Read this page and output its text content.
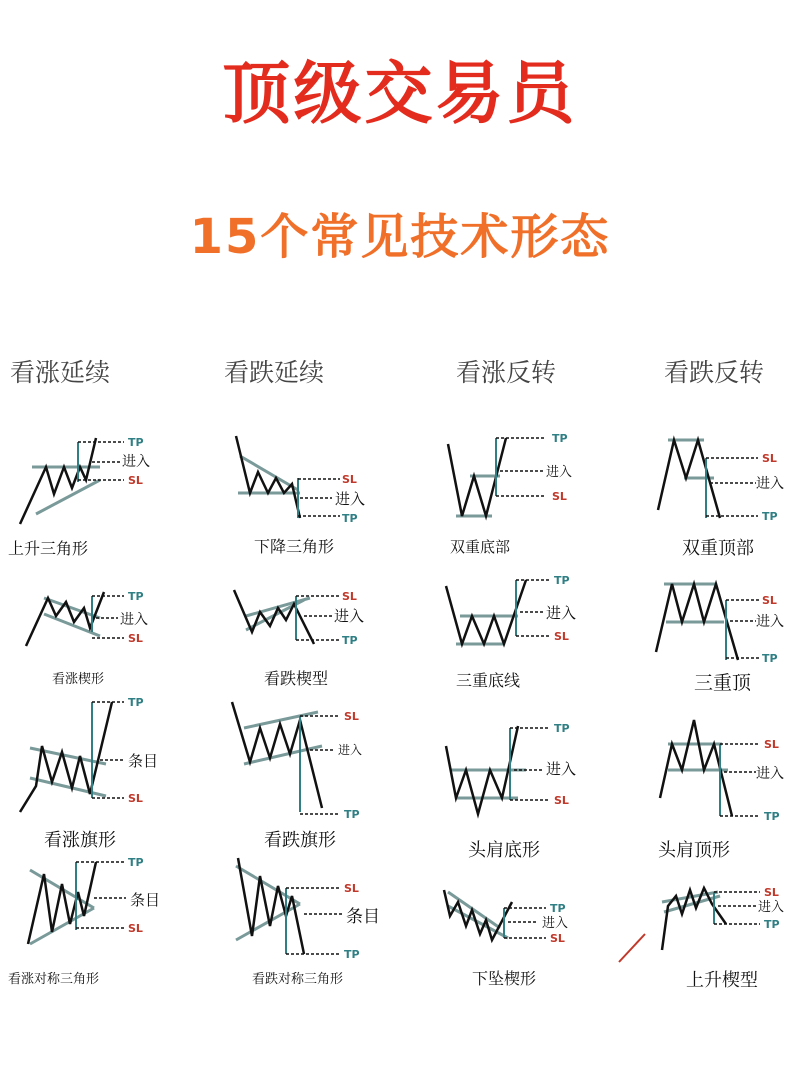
顶级交易员
15个常见技术形态
看涨延续	看跌延续	看涨反转	看跌反转
TP
进入
SL
上升三角形
SL
进入
TP
下降三角形
TP
进入
SL
双重底部
SL
进入
TP
双重顶部
TP
进入
SL
看涨楔形
SL
进入
TP
看跌楔型
TP
进入
SL
三重底线
SL
进入
TP
三重顶
TP
条目
SL
看涨旗形
SL
进入
TP
看跌旗形
TP
进入
SL
头肩底形
SL
进入
TP
头肩顶形
TP
条目
SL
看涨对称三角形
SL
条目
TP
看跌对称三角形
TP
进入
SL
下坠楔形
SL
进入
TP
上升楔型
